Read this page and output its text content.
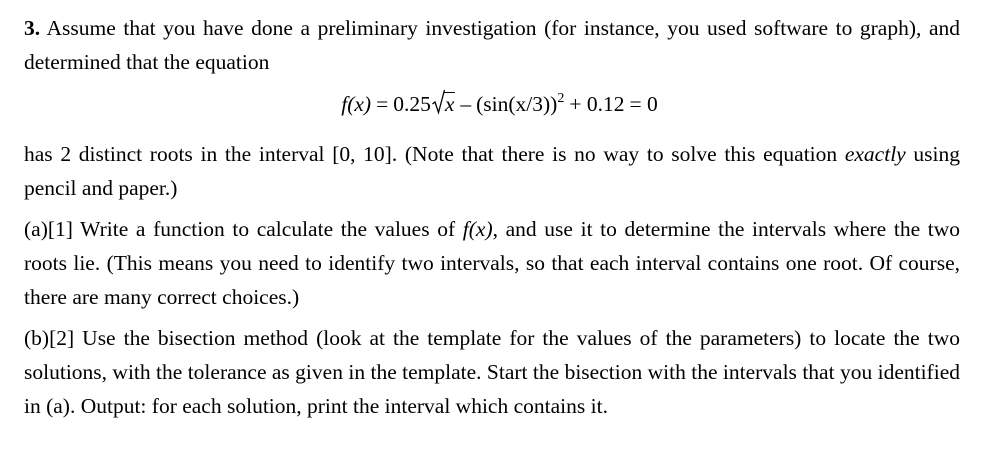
3. Assume that you have done a preliminary investigation (for instance, you used software to graph), and determined that the equation

f(x) = 0.25 $x - (\sin(x/3))^2 + 0.12 = 0$

has 2 distinct roots in the interval [0, 10]. (Note that there is no way to solve this equation exactly using pencil and paper.)

(a)[1] Write a function to calculate the values of f(x), and use it to determine the intervals where the two roots lie. (This means you need to identify two intervals, so that each interval contains one root. Of course, there are many correct choices.)

(b)[2] Use the bisection method (look at the template for the values of the parameters) to locate the two solutions, with the tolerance as given in the template. Start the bisection with the intervals that you identified in (a). Output: for each solution, print the interval which contains it.
